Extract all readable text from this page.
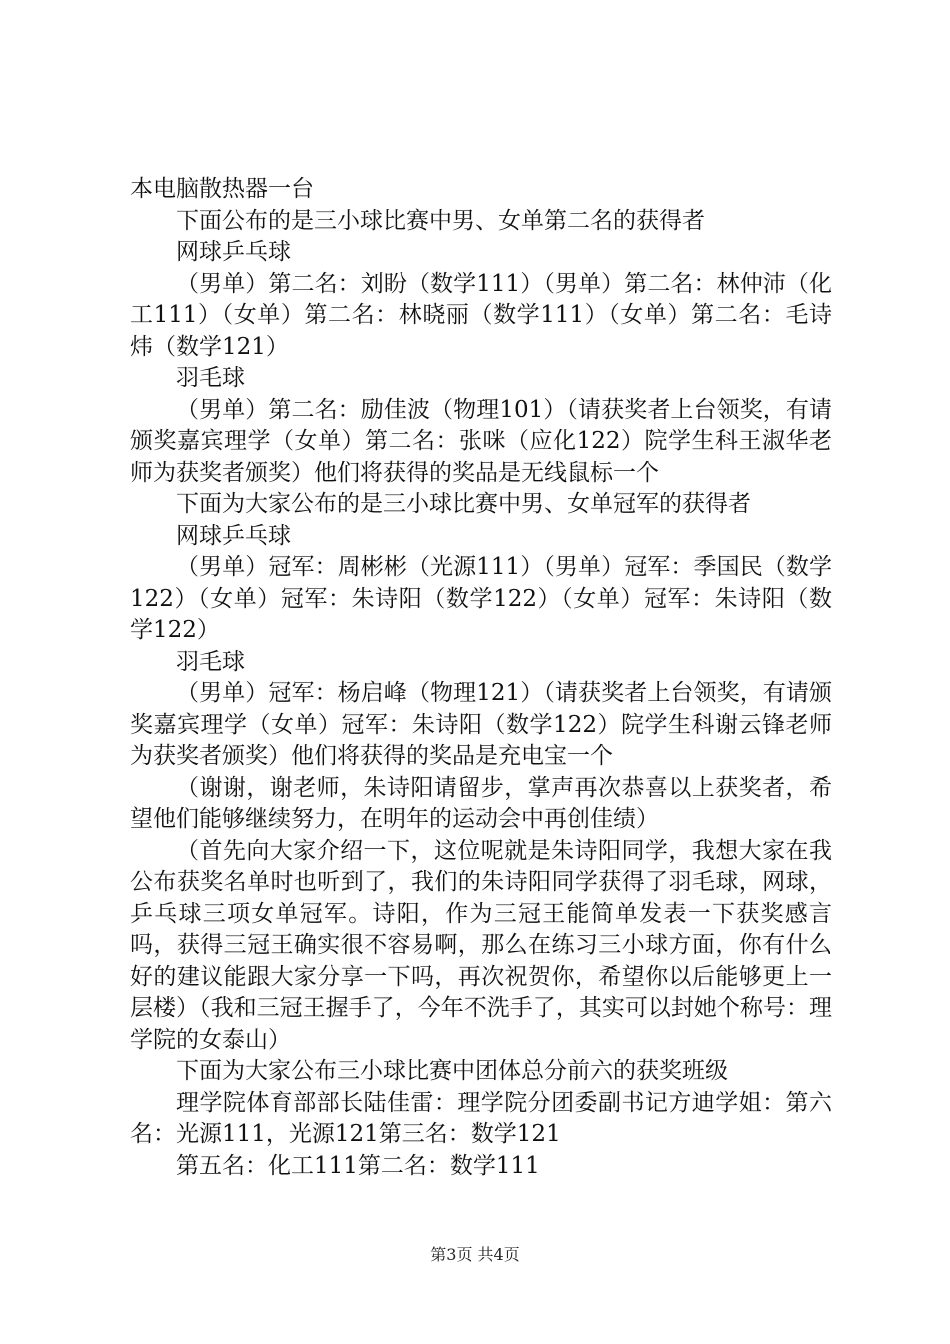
本电脑散热器一台

下面公布的是三小球比赛中男、女单第二名的获得者

网球乒乓球

（男单）第二名：刘盼（数学111）（男单）第二名：林仲沛（化工111）（女单）第二名：林晓丽（数学111）（女单）第二名：毛诗炜（数学121）

羽毛球

（男单）第二名：励佳波（物理101）（请获奖者上台领奖，有请颁奖嘉宾理学（女单）第二名：张咪（应化122）院学生科王淑华老师为获奖者颁奖）他们将获得的奖品是无线鼠标一个

下面为大家公布的是三小球比赛中男、女单冠军的获得者

网球乒乓球

（男单）冠军：周彬彬（光源111）（男单）冠军：季国民（数学122）（女单）冠军：朱诗阳（数学122）（女单）冠军：朱诗阳（数学122）

羽毛球

（男单）冠军：杨启峰（物理121）（请获奖者上台领奖，有请颁奖嘉宾理学（女单）冠军：朱诗阳（数学122）院学生科谢云锋老师为获奖者颁奖）他们将获得的奖品是充电宝一个

（谢谢，谢老师，朱诗阳请留步，掌声再次恭喜以上获奖者，希望他们能够继续努力，在明年的运动会中再创佳绩）

（首先向大家介绍一下，这位呢就是朱诗阳同学，我想大家在我公布获奖名单时也听到了，我们的朱诗阳同学获得了羽毛球，网球，乒乓球三项女单冠军。诗阳，作为三冠王能简单发表一下获奖感言吗，获得三冠王确实很不容易啊，那么在练习三小球方面，你有什么好的建议能跟大家分享一下吗，再次祝贺你，希望你以后能够更上一层楼）（我和三冠王握手了，今年不洗手了，其实可以封她个称号：理学院的女泰山）

下面为大家公布三小球比赛中团体总分前六的获奖班级

理学院体育部部长陆佳雷：理学院分团委副书记方迪学姐：第六名：光源111，光源121第三名：数学121

第五名：化工111第二名：数学111

第3页 共4页
